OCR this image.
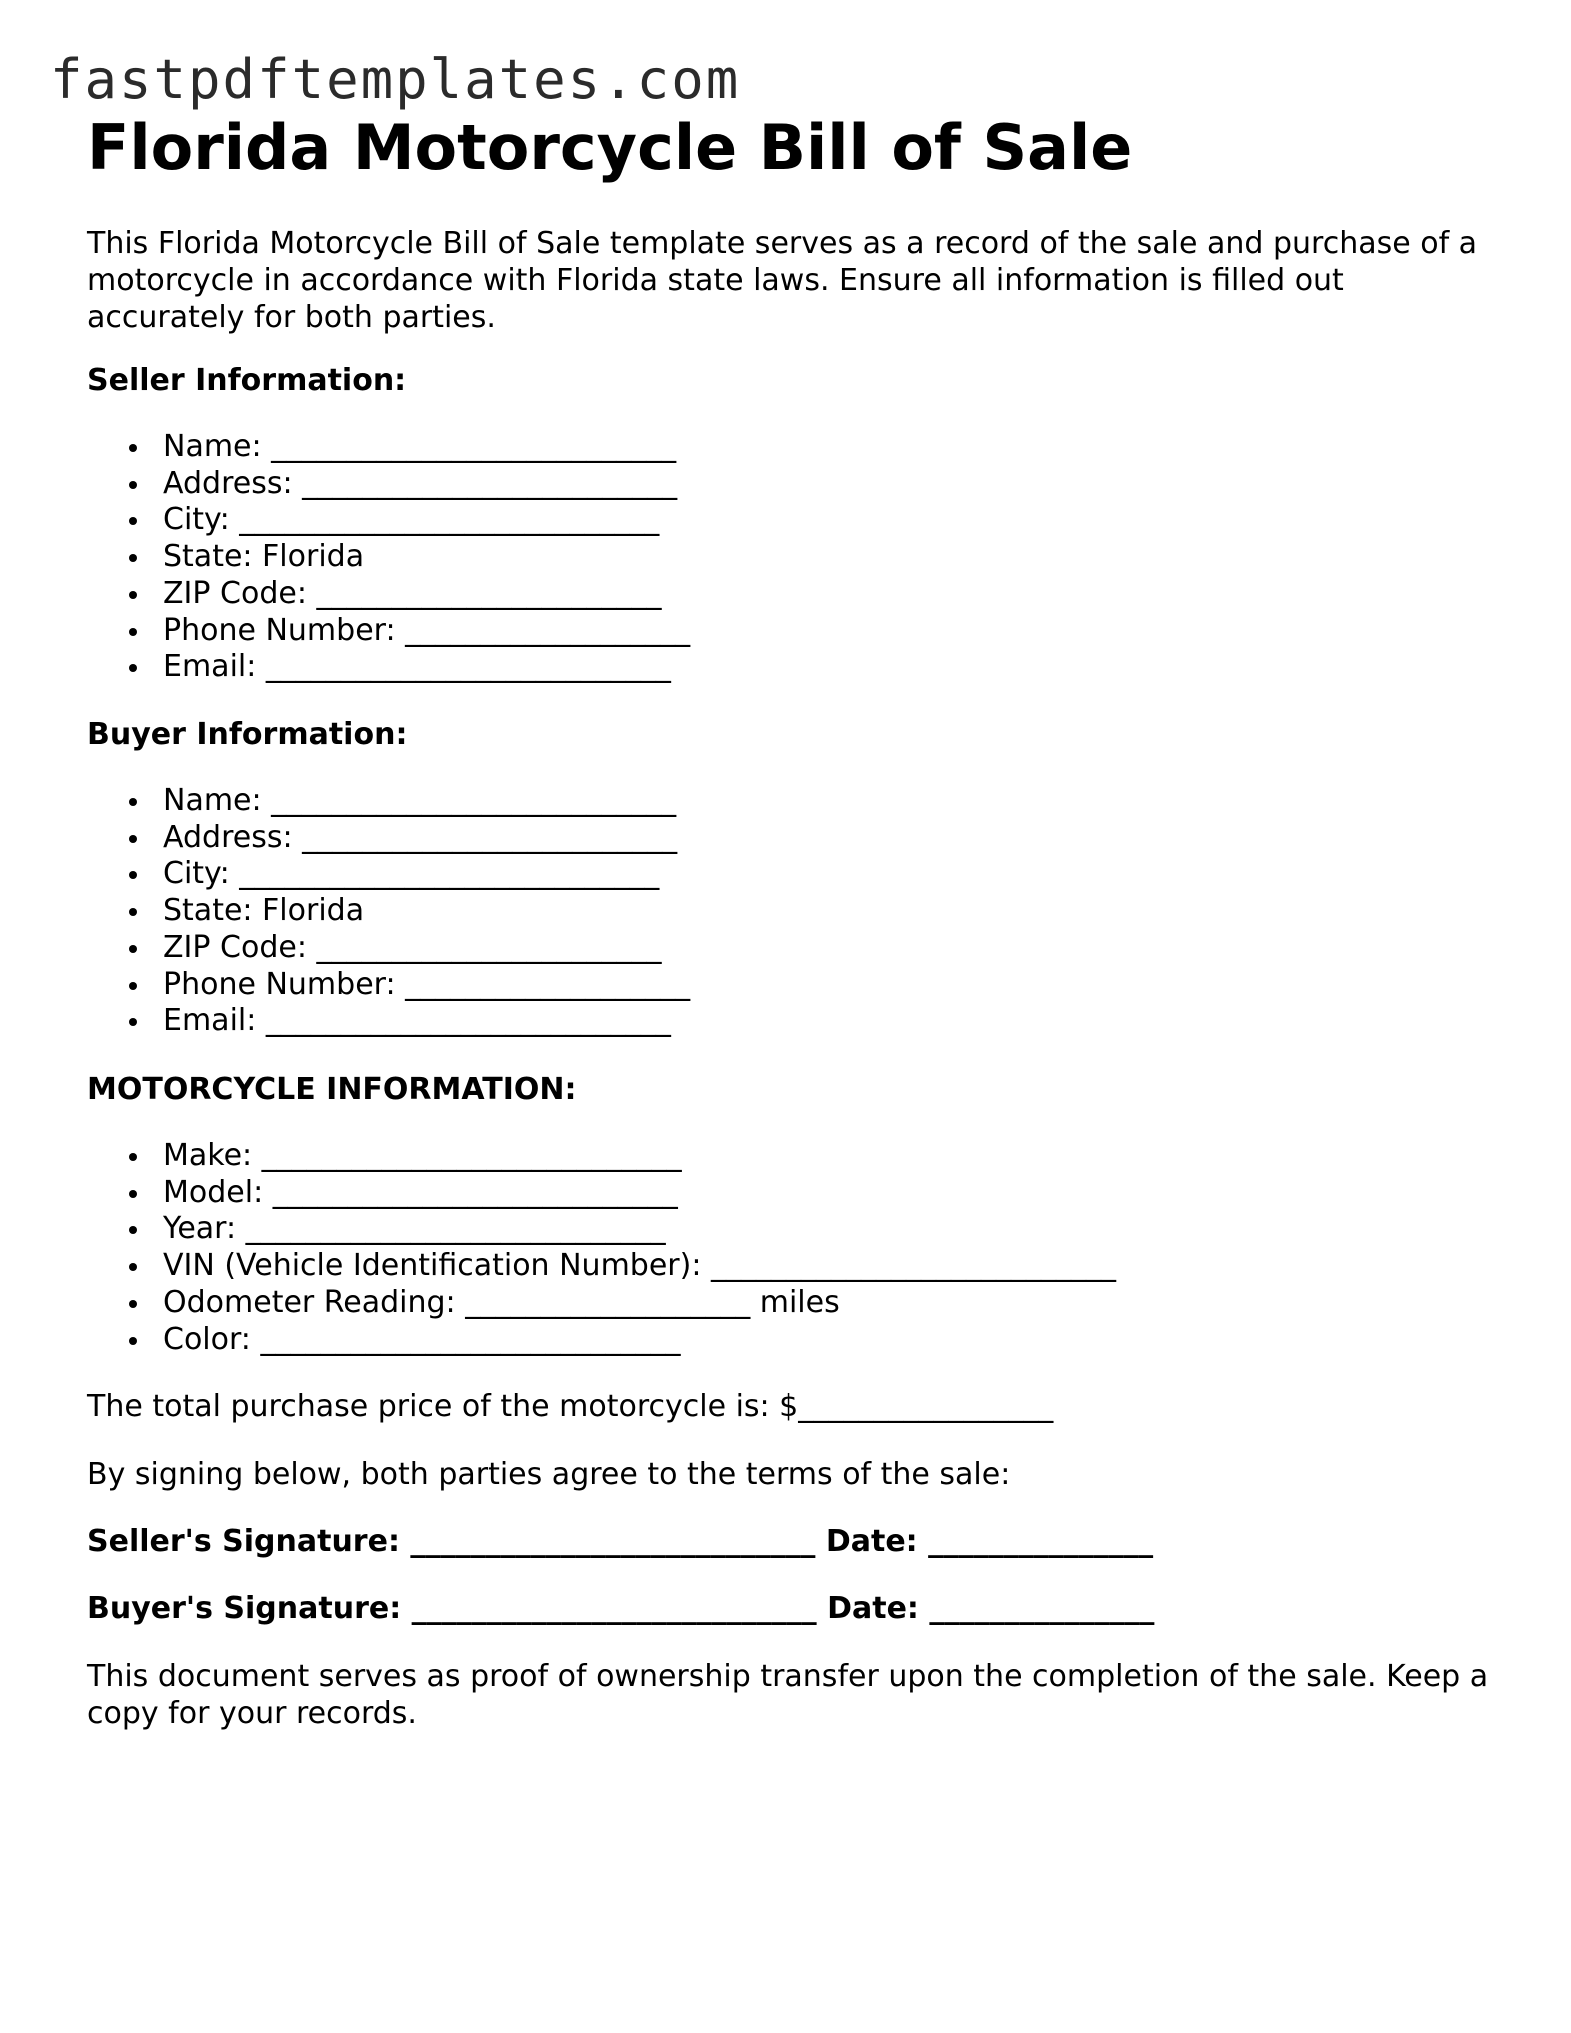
fastpdftemplates.com
Florida Motorcycle Bill of Sale

This Florida Motorcycle Bill of Sale template serves as a record of the sale and purchase of a motorcycle in accordance with Florida state laws. Ensure all information is filled out accurately for both parties.

Seller Information:
Name: ___________________________
Address: _________________________
City: ____________________________
State: Florida
ZIP Code: _______________________
Phone Number: ___________________
Email: ___________________________
Buyer Information:
Name: ___________________________
Address: _________________________
City: ____________________________
State: Florida
ZIP Code: _______________________
Phone Number: ___________________
Email: ___________________________
MOTORCYCLE INFORMATION:
Make: ____________________________
Model: ___________________________
Year: ____________________________
VIN (Vehicle Identification Number): ___________________________
Odometer Reading: ___________________ miles
Color: ____________________________
The total purchase price of the motorcycle is: $_________________
By signing below, both parties agree to the terms of the sale:
Seller's Signature: ___________________________ Date: _______________
Buyer's Signature: ___________________________ Date: _______________

This document serves as proof of ownership transfer upon the completion of the sale. Keep a copy for your records.
